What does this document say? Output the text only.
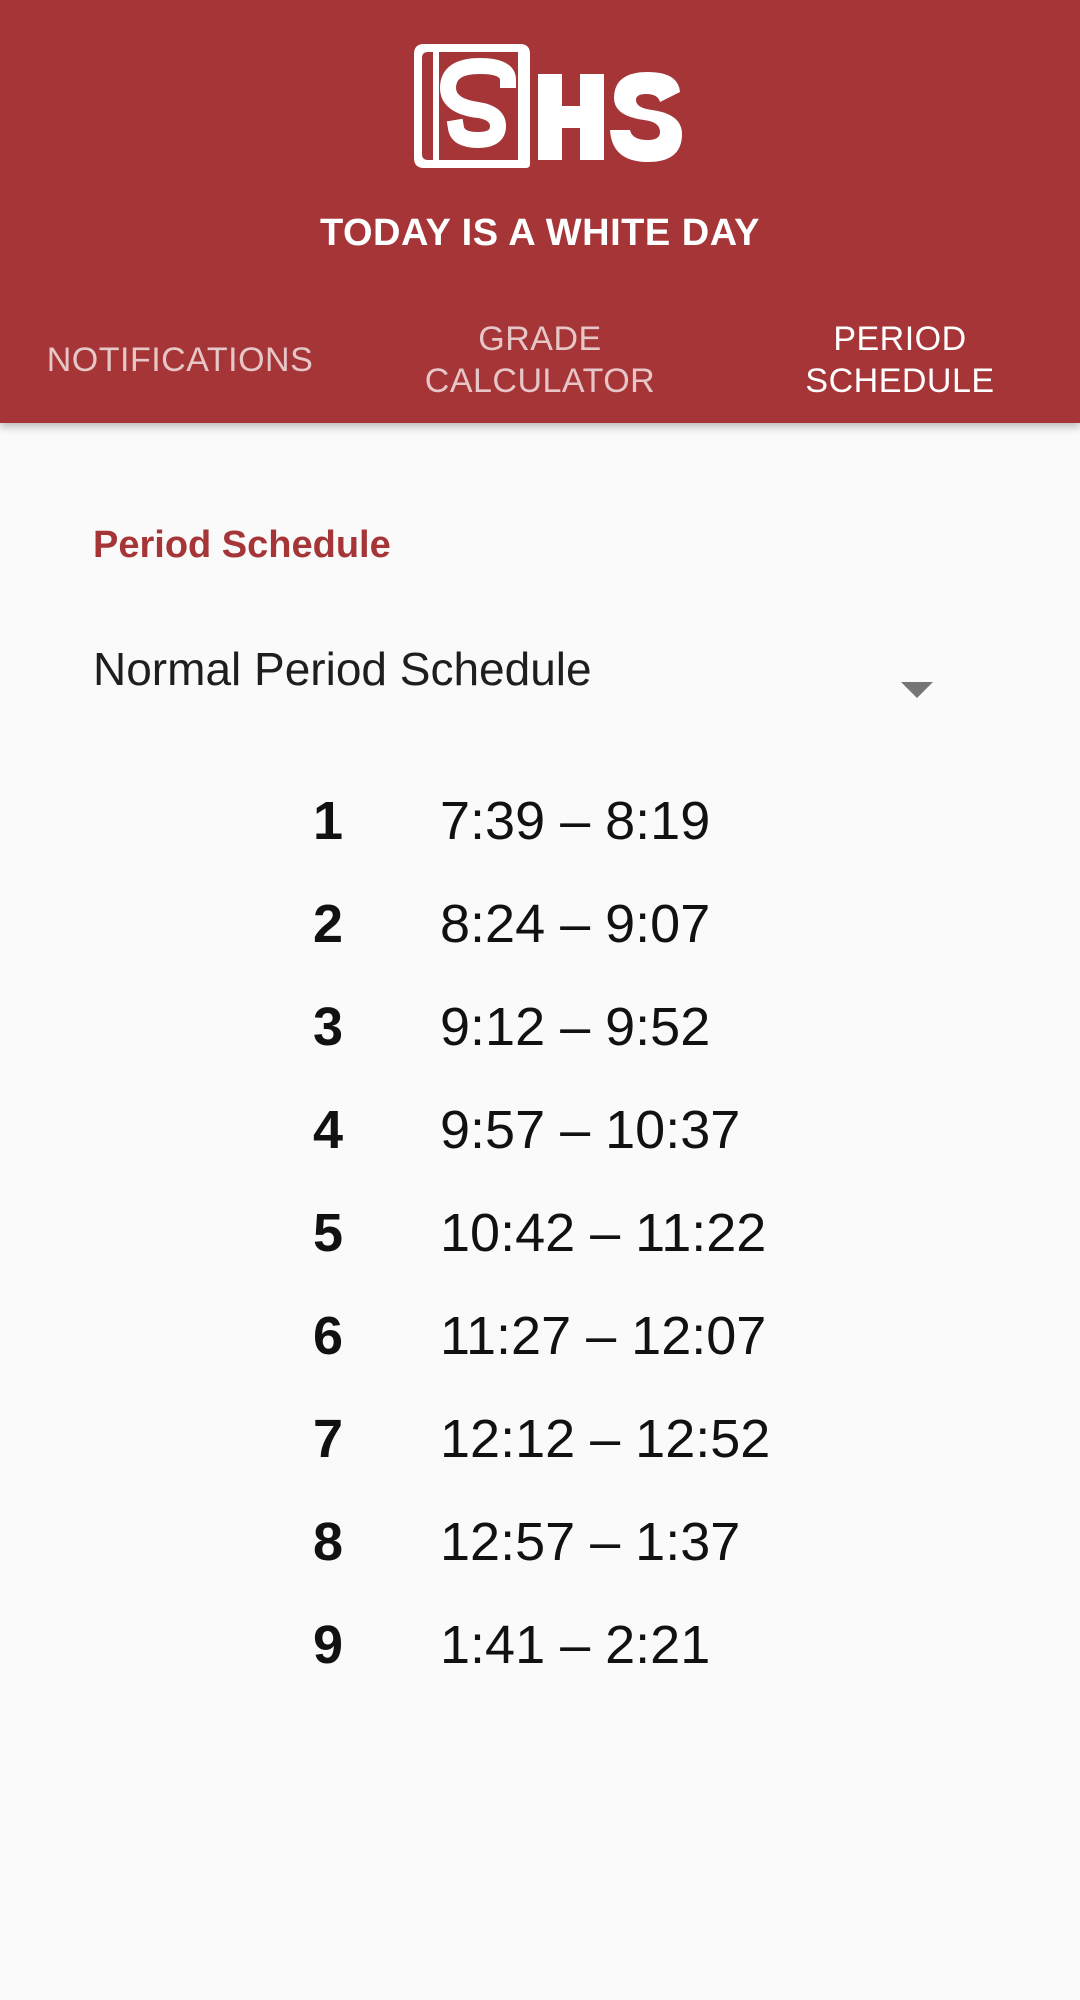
TODAY IS A WHITE DAY
NOTIFICATIONS
GRADE
CALCULATOR
PERIOD
SCHEDULE
Period Schedule
Normal Period Schedule
1 7:39 – 8:19
2 8:24 – 9:07
3 9:12 – 9:52
4 9:57 – 10:37
5 10:42 – 11:22
6 11:27 – 12:07
7 12:12 – 12:52
8 12:57 – 1:37
9 1:41 – 2:21
